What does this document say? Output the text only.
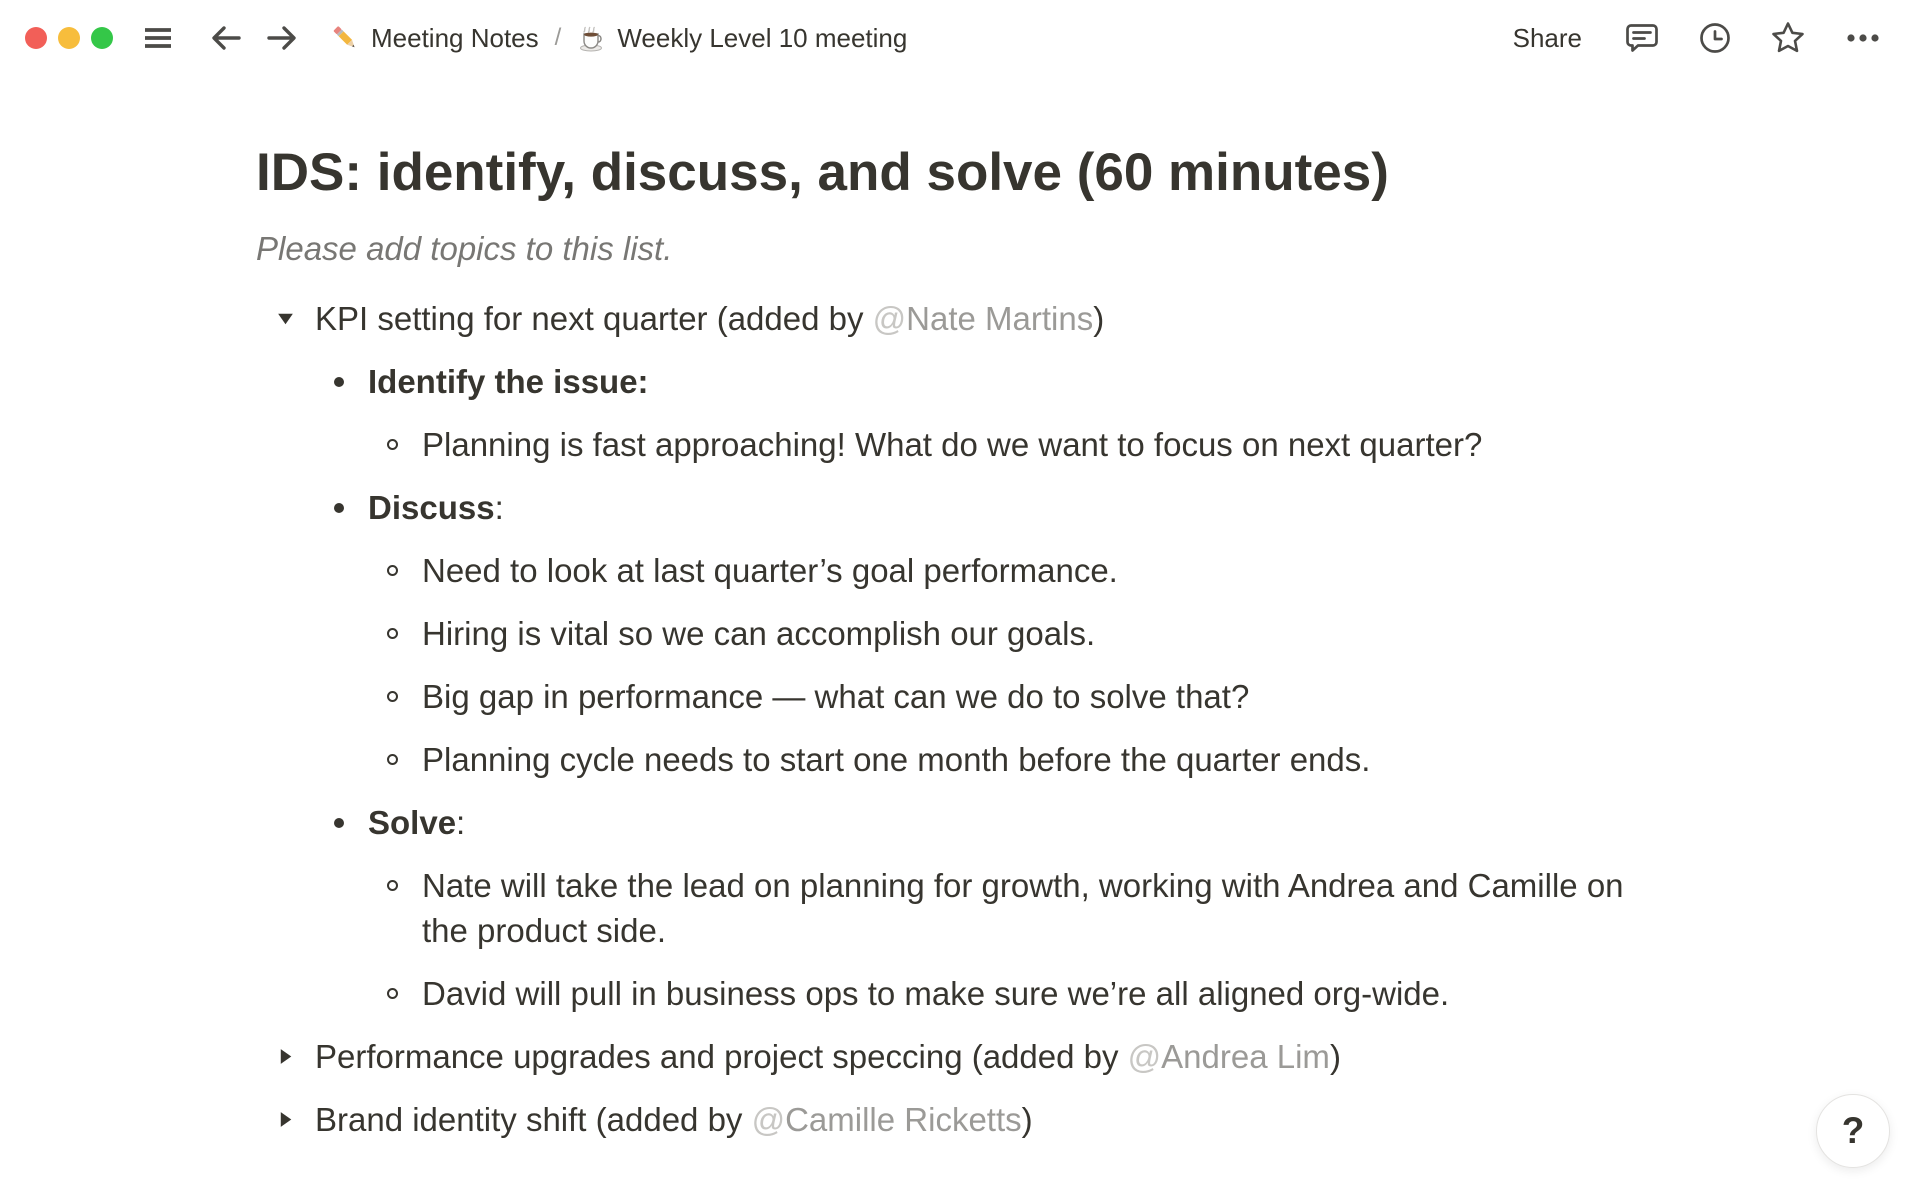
Meeting Notes / Weekly Level 10 meeting	Share
IDS: identify, discuss, and solve (60 minutes)

Please add topics to this list.

KPI setting for next quarter (added by @Nate Martins)
Identify the issue:
Planning is fast approaching! What do we want to focus on next quarter?
Discuss:
Need to look at last quarter’s goal performance.
Hiring is vital so we can accomplish our goals.
Big gap in performance — what can we do to solve that?
Planning cycle needs to start one month before the quarter ends.
Solve:
Nate will take the lead on planning for growth, working with Andrea and Camille on the product side.
David will pull in business ops to make sure we’re all aligned org-wide.
Performance upgrades and project speccing (added by @Andrea Lim)
Brand identity shift (added by @Camille Ricketts)	?
